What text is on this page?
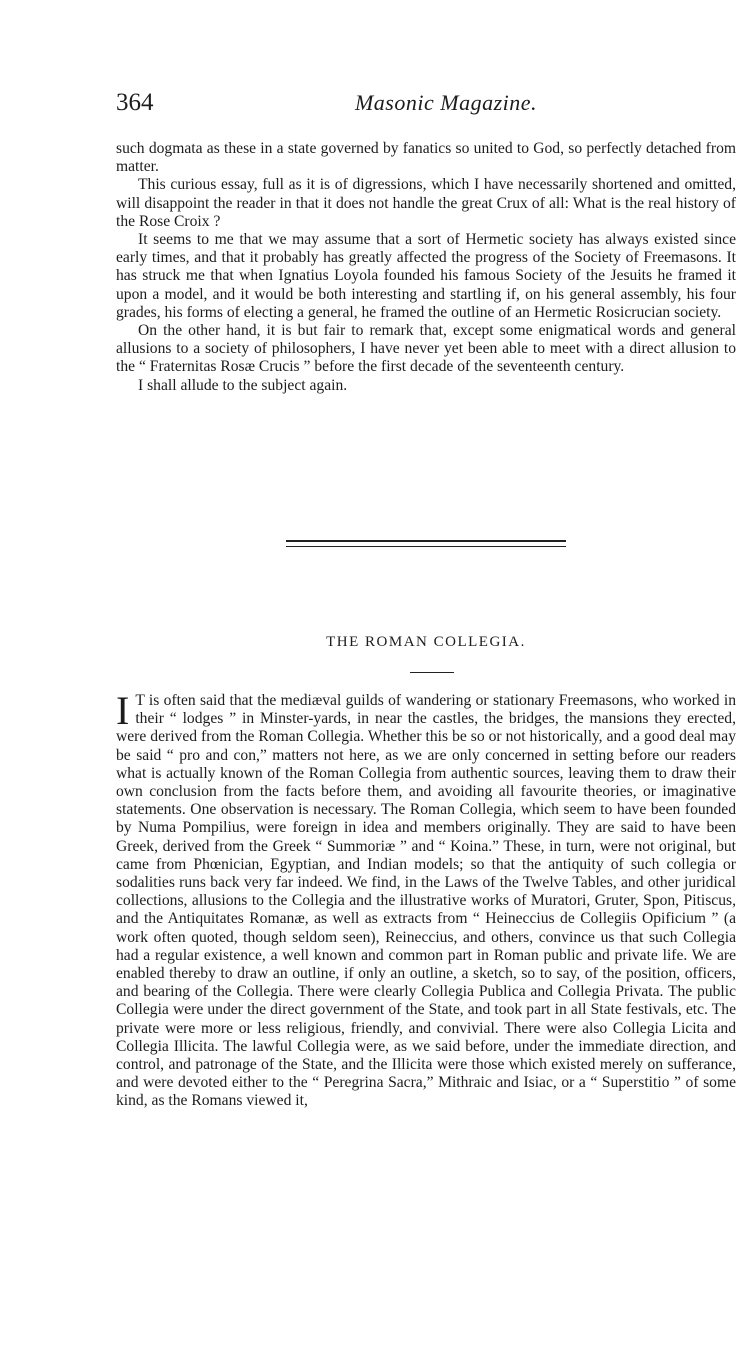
364	Masonic Magazine.

such dogmata as these in a state governed by fanatics so united to God, so perfectly detached from matter.

This curious essay, full as it is of digressions, which I have necessarily shortened and omitted, will disappoint the reader in that it does not handle the great Crux of all: What is the real history of the Rose Croix ?

It seems to me that we may assume that a sort of Hermetic society has always existed since early times, and that it probably has greatly affected the progress of the Society of Freemasons. It has struck me that when Ignatius Loyola founded his famous Society of the Jesuits he framed it upon a model, and it would be both interesting and startling if, on his general assembly, his four grades, his forms of electing a general, he framed the outline of an Hermetic Rosicrucian society.

On the other hand, it is but fair to remark that, except some enigmatical words and general allusions to a society of philosophers, I have never yet been able to meet with a direct allusion to the “ Fraternitas Rosæ Crucis ” before the first decade of the seventeenth century.

I shall allude to the subject again.

THE ROMAN COLLEGIA.
I T is often said that the mediæval guilds of wandering or stationary Freemasons, who worked in their “ lodges ” in Minster-yards, in near the castles, the bridges, the mansions they erected, were derived from the Roman Collegia. Whether this be so or not historically, and a good deal may be said “ pro and con,” matters not here, as we are only concerned in setting before our readers what is actually known of the Roman Collegia from authentic sources, leaving them to draw their own conclusion from the facts before them, and avoiding all favourite theories, or imaginative statements. One observation is necessary. The Roman Collegia, which seem to have been founded by Numa Pompilius, were foreign in idea and members originally. They are said to have been Greek, derived from the Greek “ Summoriæ ” and “ Koina.” These, in turn, were not original, but came from Phœnician, Egyptian, and Indian models; so that the antiquity of such collegia or sodalities runs back very far indeed. We find, in the Laws of the Twelve Tables, and other juridical collections, allusions to the Collegia and the illustrative works of Muratori, Gruter, Spon, Pitiscus, and the Antiquitates Romanæ, as well as extracts from “ Heineccius de Collegiis Opificium ” (a work often quoted, though seldom seen), Reineccius, and others, convince us that such Collegia had a regular existence, a well known and common part in Roman public and private life. We are enabled thereby to draw an outline, if only an outline, a sketch, so to say, of the position, officers, and bearing of the Collegia. There were clearly Collegia Publica and Collegia Privata. The public Collegia were under the direct government of the State, and took part in all State festivals, etc. The private were more or less religious, friendly, and convivial. There were also Collegia Licita and Collegia Illicita. The lawful Collegia were, as we said before, under the immediate direction, and control, and patronage of the State, and the Illicita were those which existed merely on sufferance, and were devoted either to the “ Peregrina Sacra,” Mithraic and Isiac, or a “ Superstitio ” of some kind, as the Romans viewed it,
